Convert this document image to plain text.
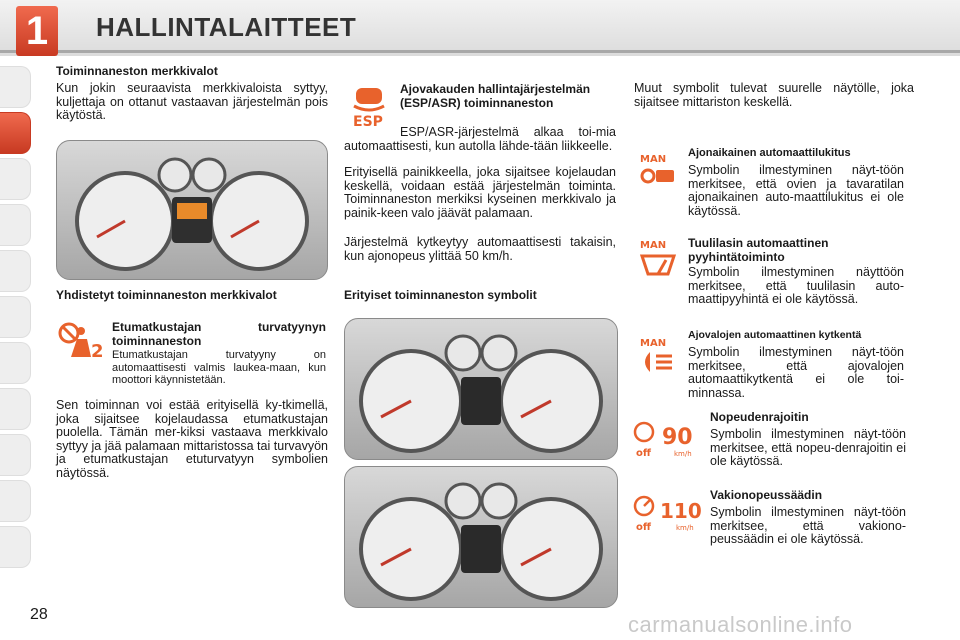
1	HALLINTALAITTEET
Toiminnaneston merkkivalot

Kun jokin seuraavista merkkivaloista syttyy, kuljettaja on ottanut vastaavan järjestelmän pois käytöstä.

Yhdistetyt toiminnaneston merkkivalot
2
Etumatkustajan turvatyynyn toiminnaneston

Etumatkustajan turvatyyny on automaattisesti valmis laukea-maan, kun moottori käynnistetään.

Sen toiminnan voi estää erityisellä ky-tkimellä, joka sijaitsee kojelaudassa etumatkustajan puolella. Tämän mer-kiksi vastaava merkkivalo syttyy ja jää palamaan mittaristossa tai turvavyön ja etumatkustajan etuturvatyyn symbolien näytössä.

ESP
Ajovakauden hallintajärjestelmän (ESP/ASR) toiminnaneston

ESP/ASR-järjestelmä alkaa toi-mia automaattisesti, kun autolla lähde-tään liikkeelle.

Erityisellä painikkeella, joka sijaitsee kojelaudan keskellä, voidaan estää järjestelmän toiminta. Toiminnaneston merkiksi kyseinen merkkivalo ja painik-keen valo jäävät palamaan.

Järjestelmä kytkeytyy automaattisesti takaisin, kun ajonopeus ylittää 50 km/h.

Erityiset toiminnaneston symbolit

Muut symbolit tulevat suurelle näytölle, joka sijaitsee mittariston keskellä.

MAN
Ajonaikainen automaattilukitus

Symbolin ilmestyminen näyt-töön merkitsee, että ovien ja tavaratilan ajonaikainen auto-maattilukitus ei ole käytössä.

MAN Tuulilasin automaattinen pyyhintätoiminto

Symbolin ilmestyminen näyttöön merkitsee, että tuulilasin auto-maattipyyhintä ei ole käytössä.

MAN
Ajovalojen automaattinen kytkentä

Symbolin ilmestyminen näyt-töön merkitsee, että ajovalojen automaattikytkentä ei ole toi-minnassa.

off
90
km/h
Nopeudenrajoitin

Symbolin ilmestyminen näyt-töön merkitsee, että nopeu-denrajoitin ei ole käytössä.

off
110
km/h
Vakionopeussäädin

Symbolin ilmestyminen näyt-töön merkitsee, että vakiono-peussäädin ei ole käytössä.

28	carmanualsonline.info
